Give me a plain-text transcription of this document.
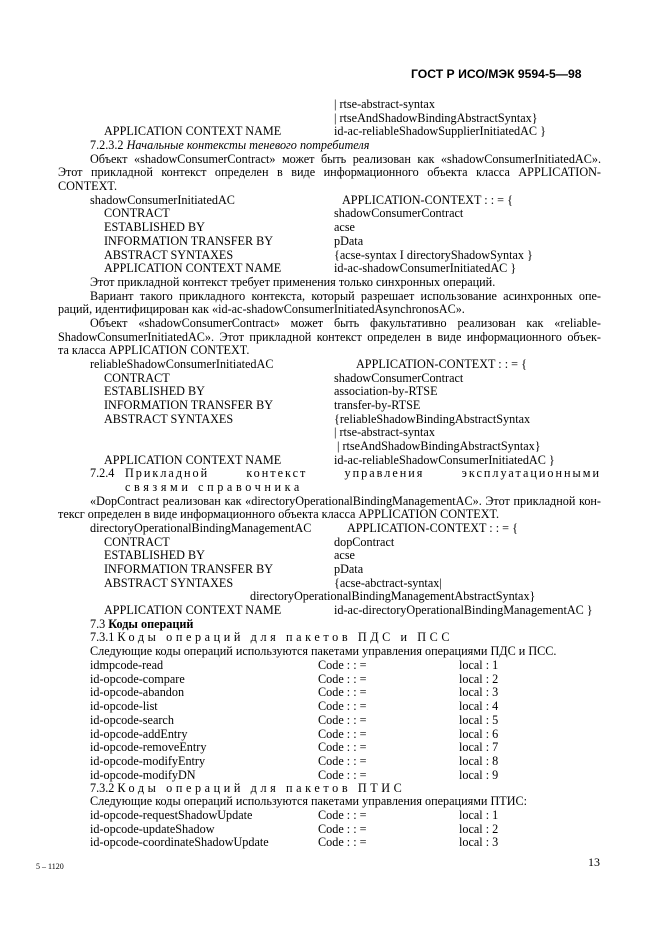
ГОСТ Р ИСО/МЭК 9594-5—98
| rtse-abstract-syntax
| rtseAndShadowBindingAbstractSyntax}
APPLICATION CONTEXT NAME	id-ac-reliableShadowSupplierInitiatedAC }
7.2.3.2 Начальные контексты теневого потребителя
Объект «shadowConsumerContract» может быть реализован как «shadowConsumerInitiatedAC».
Этот прикладной контекст определен в виде информационного объекта класса APPLICATION-
CONTEXT.
shadowConsumerInitiatedAC	APPLICATION-CONTEXT : : = {
CONTRACT	shadowConsumerContract
ESTABLISHED BY	acse
INFORMATION TRANSFER BY	pData
ABSTRACT SYNTAXES	{acse-syntax I directoryShadowSyntax }
APPLICATION CONTEXT NAME	id-ac-shadowConsumerInitiatedAC }
Этот прикладной контекст требует применения только синхронных операций.
Вариант такого прикладного контекста, который разрешает использование асинхронных опе-
раций, идентифицирован как «id-ac-shadowConsumerInitiatedAsynchronosAC».
Объект «shadowConsumerContract» может быть факультативно реализован как «reliable-
ShadowConsumerInitiatedAC». Этот прикладной контекст определен в виде информационного объек-
та класса APPLICATION CONTEXT.
reliableShadowConsumerInitiatedAC	APPLICATION-CONTEXT : : = {
CONTRACT	shadowConsumerContract
ESTABLISHED BY	association-by-RTSE
INFORMATION TRANSFER BY	transfer-by-RTSE
ABSTRACT SYNTAXES	{reliableShadowBindingAbstractSyntax
| rtse-abstract-syntax
| rtseAndShadowBindingAbstractSyntax}
APPLICATION CONTEXT NAME	id-ac-reliableShadowConsumerInitiatedAC }
7.2.4 Прикладной контекст управления эксплуатационными
связями справочника
«DopContract реализован как «directoryOperationalBindingManagementAC». Этот прикладной кон-
тексг определен в виде информационного объекта класса APPLICATION CONTEXT.
directoryOperationalBindingManagementAC	APPLICATION-CONTEXT : : = {
CONTRACT	dopContract
ESTABLISHED BY	acse
INFORMATION TRANSFER BY	pData
ABSTRACT SYNTAXES	{acse-abctract-syntax|
directoryOperationalBindingManagementAbstractSyntax}
APPLICATION CONTEXT NAME	id-ac-directoryOperationalBindingManagementAC }
7.3 Коды операций
7.3.1 Коды операций для пакетов ПДС и ПСС
Следующие коды операций используются пакетами управления операциями ПДС и ПСС.
idmpcode-read	Code : : =	local : 1
id-opcode-compare	Code : : =	local : 2
id-opcode-abandon	Code : : =	local : 3
id-opcode-list	Code : : =	local : 4
id-opcode-search	Code : : =	local : 5
id-opcode-addEntry	Code : : =	local : 6
id-opcode-removeEntry	Code : : =	local : 7
id-opcode-modifyEntry	Code : : =	local : 8
id-opcode-modifyDN	Code : : =	local : 9
7.3.2 Коды операций для пакетов ПТИС
Следующие коды операций используются пакетами управления операциями ПТИС:
id-opcode-requestShadowUpdate	Code : : =	local : 1
id-opcode-updateShadow	Code : : =	local : 2
id-opcode-coordinateShadowUpdate	Code : : =	local : 3
5 – 1120	13
